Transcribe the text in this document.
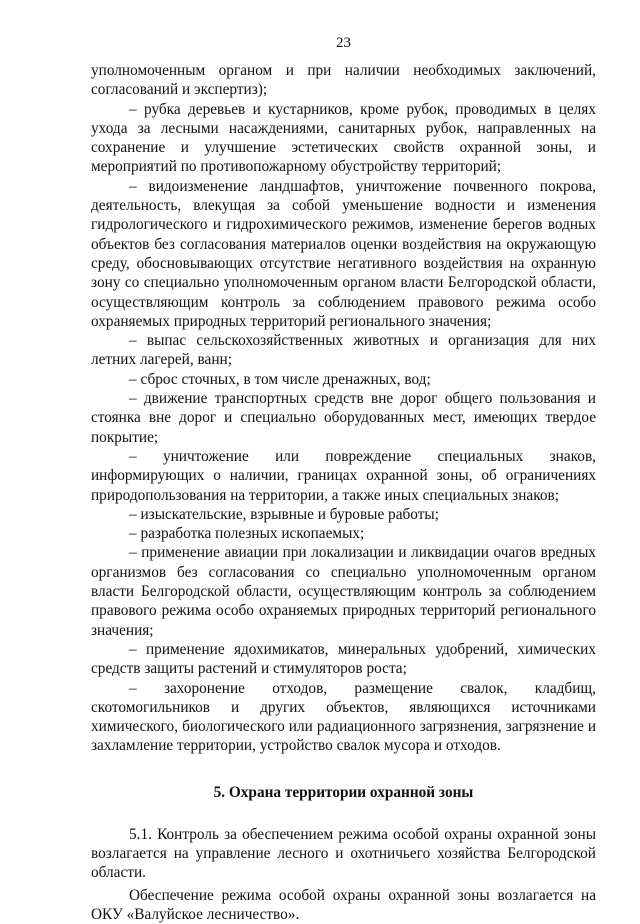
23

уполномоченным органом и при наличии необходимых заключений, согласований и экспертиз);

– рубка деревьев и кустарников, кроме рубок, проводимых в целях ухода за лесными насаждениями, санитарных рубок, направленных на сохранение и улучшение эстетических свойств охранной зоны, и мероприятий по противопожарному обустройству территорий;

– видоизменение ландшафтов, уничтожение почвенного покрова, деятельность, влекущая за собой уменьшение водности и изменения гидрологического и гидрохимического режимов, изменение берегов водных объектов без согласования материалов оценки воздействия на окружающую среду, обосновывающих отсутствие негативного воздействия на охранную зону со специально уполномоченным органом власти Белгородской области, осуществляющим контроль за соблюдением правового режима особо охраняемых природных территорий регионального значения;

– выпас сельскохозяйственных животных и организация для них летних лагерей, ванн;

– сброс сточных, в том числе дренажных, вод;

– движение транспортных средств вне дорог общего пользования и стоянка вне дорог и специально оборудованных мест, имеющих твердое покрытие;

– уничтожение или повреждение специальных знаков, информирующих о наличии, границах охранной зоны, об ограничениях природопользования на территории, а также иных специальных знаков;

– изыскательские, взрывные и буровые работы;

– разработка полезных ископаемых;

– применение авиации при локализации и ликвидации очагов вредных организмов без согласования со специально уполномоченным органом власти Белгородской области, осуществляющим контроль за соблюдением правового режима особо охраняемых природных территорий регионального значения;

– применение ядохимикатов, минеральных удобрений, химических средств защиты растений и стимуляторов роста;

– захоронение отходов, размещение свалок, кладбищ, скотомогильников и других объектов, являющихся источниками химического, биологического или радиационного загрязнения, загрязнение и захламление территории, устройство свалок мусора и отходов.

5. Охрана территории охранной зоны

5.1. Контроль за обеспечением режима особой охраны охранной зоны возлагается на управление лесного и охотничьего хозяйства Белгородской области.

Обеспечение режима особой охраны охранной зоны возлагается на ОКУ «Валуйское лесничество».
